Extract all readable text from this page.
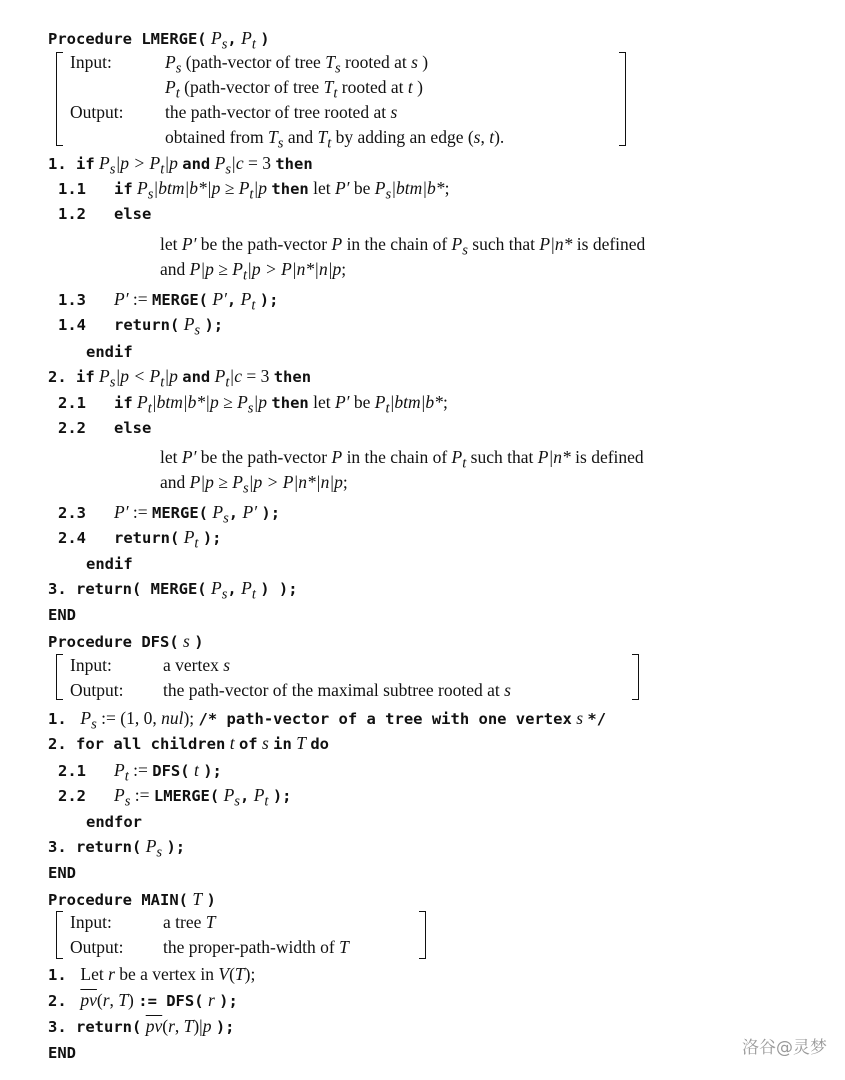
Procedure LMERGE( $P_s$, $P_t$ )
Input:	$P_s$ (path-vector of tree $T_s$ rooted at s )
$P_t$ (path-vector of tree $T_t$ rooted at t )
Output: the path-vector of tree rooted at s
obtained from $T_s$ and $T_t$ by adding an edge (s, t).
1. if $P_s|p > P_t|p$ and $P_s|c = 3$ then
1.1   if $P_s|btm|b*|p \ge P_t|p$ then let P′ be $P_s|btm|b*$;
1.2   else
let P′ be the path-vector P in the chain of $P_s$ such that P|n* is defined
and $P|p \ge P_t|p > P|n*|n|p$;
1.3   P′ := MERGE( P′, $P_t$ );
1.4   return( $P_s$ );
endif
2. if $P_s|p < P_t|p$ and $P_t|c = 3$ then
2.1   if $P_t|btm|b*|p \ge P_s|p$ then let P′ be $P_t|btm|b*$;
2.2   else
let P′ be the path-vector P in the chain of $P_t$ such that P|n* is defined
and $P|p \ge P_s|p > P|n*|n|p$;
2.3   P′ := MERGE( $P_s$, P′ );
2.4   return( $P_t$ );
endif
3. return( MERGE( $P_s$, $P_t$ ) );
END
Procedure DFS( s )
Input:	a vertex s
Output: the path-vector of the maximal subtree rooted at s
1.  $P_s$ := (1, 0, nul); /* path-vector of a tree with one vertex s */
2. for all children t of s in T do
2.1   $P_t$ := DFS( t );
2.2   $P_s$ := LMERGE( $P_s$, $P_t$ );
endfor
3. return( $P_s$ );
END
Procedure MAIN( T )
Input:	a tree T
Output: the proper-path-width of T
1.  Let r be a vertex in V(T);
2.  $\overline{pv}(r$, T) := DFS( r );
3. return( $\overline{pv}(r$, T)|p );
END	洛谷@灵梦
